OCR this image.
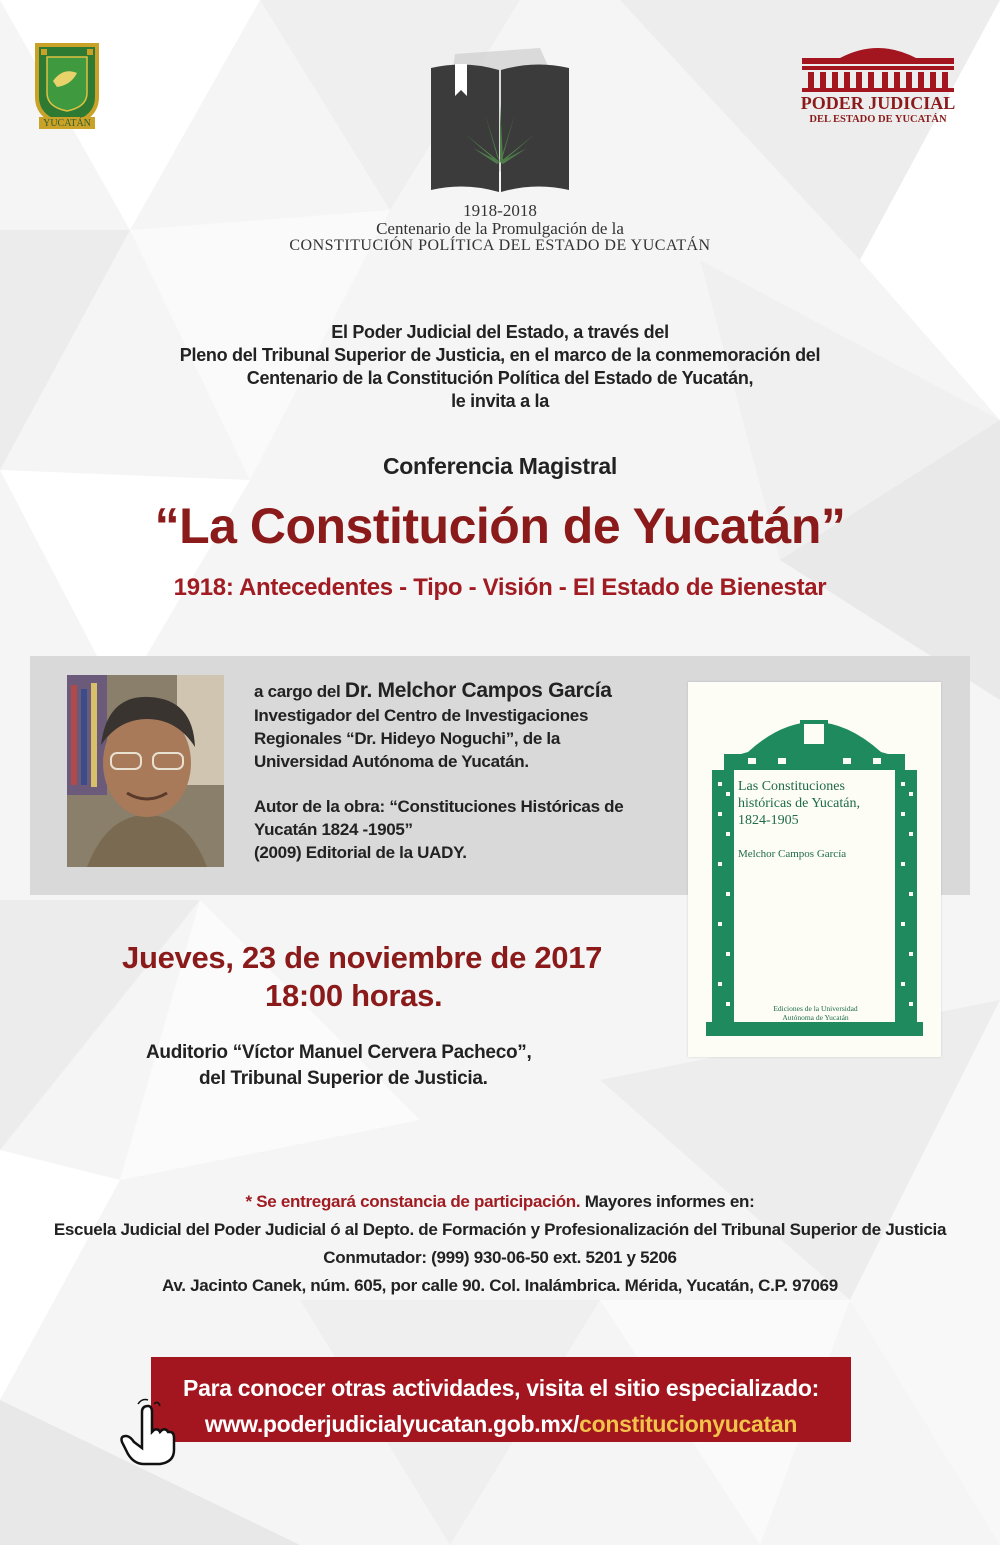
YUCATÁN
PODER JUDICIAL
DEL ESTADO DE YUCATÁN
1918-2018
Centenario de la Promulgación de la
CONSTITUCIÓN POLÍTICA DEL ESTADO DE YUCATÁN
El Poder Judicial del Estado, a través del
Pleno del Tribunal Superior de Justicia, en el marco de la conmemoración del
Centenario de la Constitución Política del Estado de Yucatán,
le invita a la
Conferencia Magistral
“La Constitución de Yucatán”
1918: Antecedentes - Tipo - Visión - El Estado de Bienestar
a cargo del Dr. Melchor Campos García
Investigador del Centro de Investigaciones
Regionales “Dr. Hideyo Noguchi”, de la
Universidad Autónoma de Yucatán.
Autor de la obra: “Constituciones Históricas de
Yucatán 1824 -1905”
(2009) Editorial de la UADY.
Las Constituciones
históricas de Yucatán,
1824-1905
Melchor Campos García
Ediciones de la Universidad
Autónoma de Yucatán
Jueves, 23 de noviembre de 2017
18:00 horas.
Auditorio “Víctor Manuel Cervera Pacheco”,
del Tribunal Superior de Justicia.
* Se entregará constancia de participación. Mayores informes en:
Escuela Judicial del Poder Judicial ó al Depto. de Formación y Profesionalización del Tribunal Superior de Justicia
Conmutador: (999) 930-06-50 ext. 5201 y 5206
Av. Jacinto Canek, núm. 605, por calle 90. Col. Inalámbrica. Mérida, Yucatán, C.P. 97069
Para conocer otras actividades, visita el sitio especializado:
www.poderjudicialyucatan.gob.mx/constitucionyucatan
